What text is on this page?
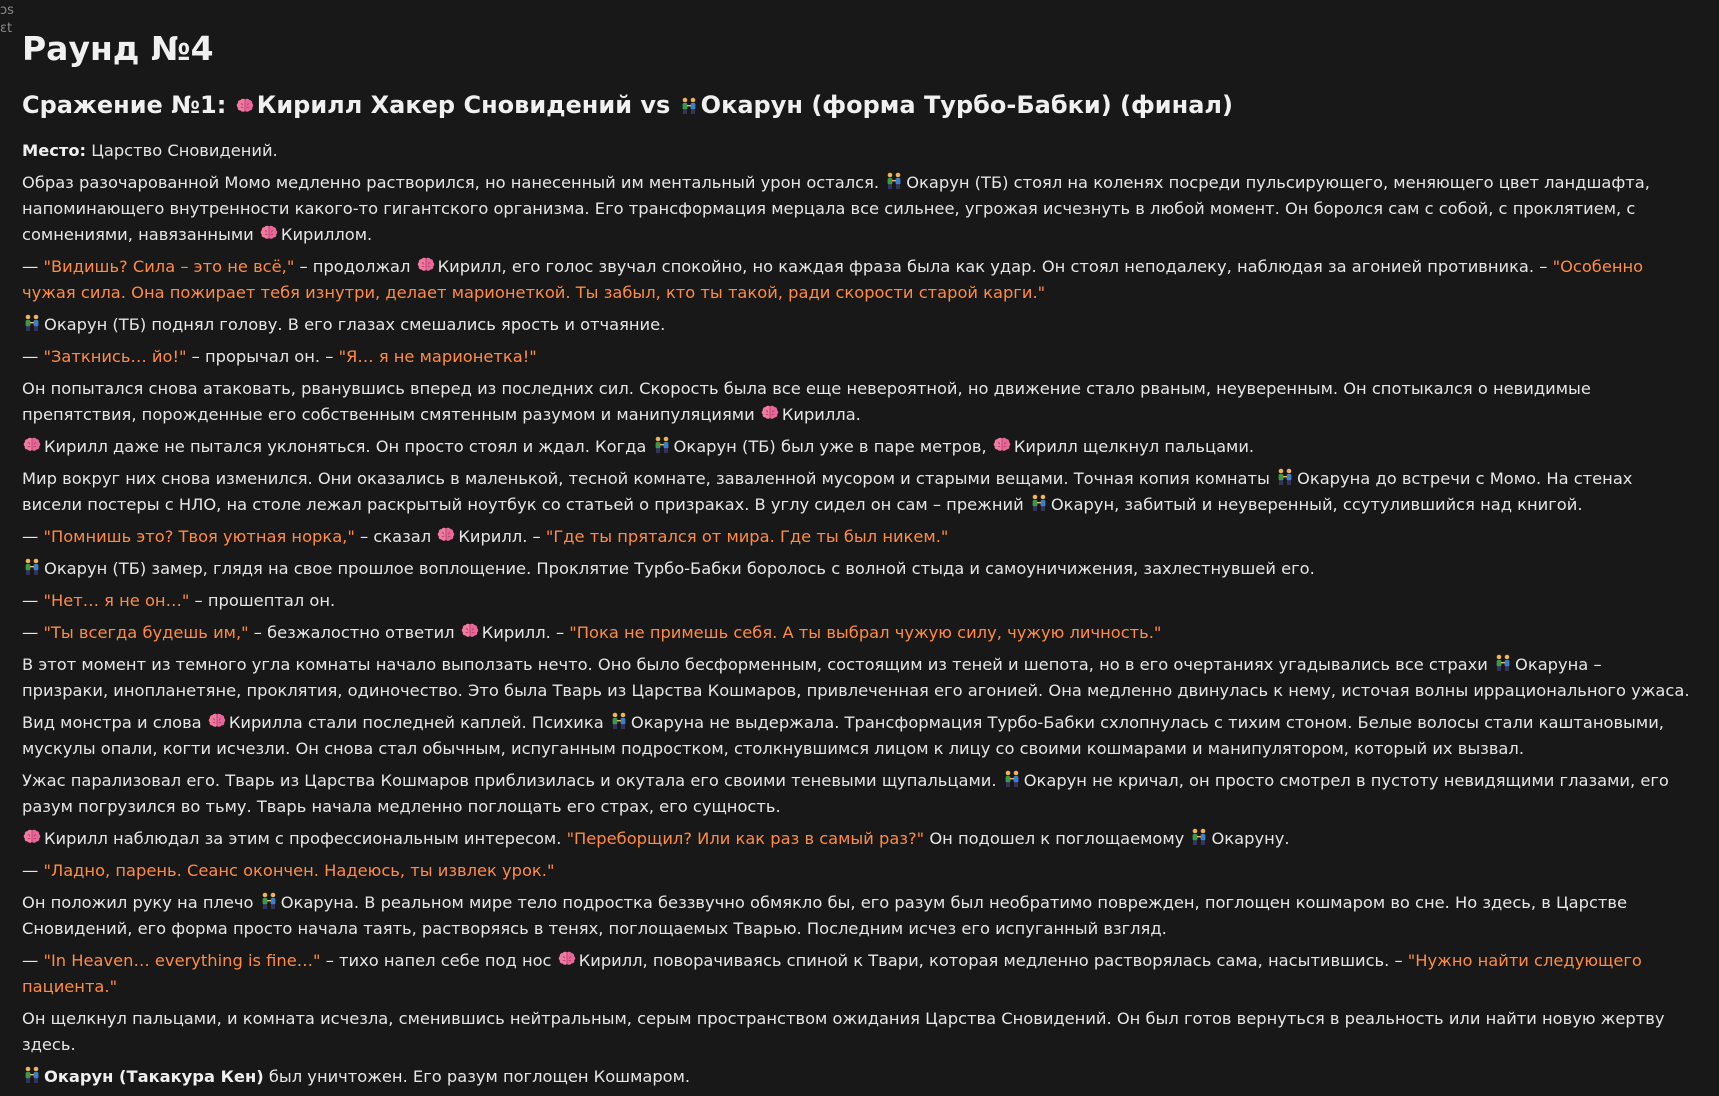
ɔs
ɛt
Раунд №4
Сражение №1:
Кирилл Хакер Сновидений vs
Окарун (форма Турбо-Бабки) (финал)

Место: Царство Сновидений.

Образ разочарованной Момо медленно растворился, но нанесенный им ментальный урон остался.
Окарун (ТБ) стоял на коленях посреди пульсирующего, меняющего цвет ландшафта, напоминающего внутренности какого-то гигантского организма. Его трансформация мерцала все сильнее, угрожая исчезнуть в любой момент. Он боролся сам с собой, с проклятием, с сомнениями, навязанными
Кириллом.

— "Видишь? Сила – это не всё," – продолжал
Кирилл, его голос звучал спокойно, но каждая фраза была как удар. Он стоял неподалеку, наблюдая за агонией противника. – "Особенно чужая сила. Она пожирает тебя изнутри, делает марионеткой. Ты забыл, кто ты такой, ради скорости старой карги."

Окарун (ТБ) поднял голову. В его глазах смешались ярость и отчаяние.

— "Заткнись… йо!" – прорычал он. – "Я… я не марионетка!"

Он попытался снова атаковать, рванувшись вперед из последних сил. Скорость была все еще невероятной, но движение стало рваным, неуверенным. Он спотыкался о невидимые препятствия, порожденные его собственным смятенным разумом и манипуляциями
Кирилла.

Кирилл даже не пытался уклоняться. Он просто стоял и ждал. Когда
Окарун (ТБ) был уже в паре метров,
Кирилл щелкнул пальцами.

Мир вокруг них снова изменился. Они оказались в маленькой, тесной комнате, заваленной мусором и старыми вещами. Точная копия комнаты
Окаруна до встречи с Момо. На стенах висели постеры с НЛО, на столе лежал раскрытый ноутбук со статьей о призраках. В углу сидел он сам – прежний
Окарун, забитый и неуверенный, ссутулившийся над книгой.

— "Помнишь это? Твоя уютная норка," – сказал
Кирилл. – "Где ты прятался от мира. Где ты был никем."

Окарун (ТБ) замер, глядя на свое прошлое воплощение. Проклятие Турбо-Бабки боролось с волной стыда и самоуничижения, захлестнувшей его.

— "Нет… я не он…" – прошептал он.

— "Ты всегда будешь им," – безжалостно ответил
Кирилл. – "Пока не примешь себя. А ты выбрал чужую силу, чужую личность."

В этот момент из темного угла комнаты начало выползать нечто. Оно было бесформенным, состоящим из теней и шепота, но в его очертаниях угадывались все страхи
Окаруна – призраки, инопланетяне, проклятия, одиночество. Это была Тварь из Царства Кошмаров, привлеченная его агонией. Она медленно двинулась к нему, источая волны иррационального ужаса.

Вид монстра и слова
Кирилла стали последней каплей. Психика
Окаруна не выдержала. Трансформация Турбо-Бабки схлопнулась с тихим стоном. Белые волосы стали каштановыми, мускулы опали, когти исчезли. Он снова стал обычным, испуганным подростком, столкнувшимся лицом к лицу со своими кошмарами и манипулятором, который их вызвал.

Ужас парализовал его. Тварь из Царства Кошмаров приблизилась и окутала его своими теневыми щупальцами.
Окарун не кричал, он просто смотрел в пустоту невидящими глазами, его разум погрузился во тьму. Тварь начала медленно поглощать его страх, его сущность.

Кирилл наблюдал за этим с профессиональным интересом. "Переборщил? Или как раз в самый раз?" Он подошел к поглощаемому
Окаруну.

— "Ладно, парень. Сеанс окончен. Надеюсь, ты извлек урок."

Он положил руку на плечо
Окаруна. В реальном мире тело подростка беззвучно обмякло бы, его разум был необратимо поврежден, поглощен кошмаром во сне. Но здесь, в Царстве Сновидений, его форма просто начала таять, растворяясь в тенях, поглощаемых Тварью. Последним исчез его испуганный взгляд.

— "In Heaven… everything is fine…" – тихо напел себе под нос
Кирилл, поворачиваясь спиной к Твари, которая медленно растворялась сама, насытившись. – "Нужно найти следующего пациента."

Он щелкнул пальцами, и комната исчезла, сменившись нейтральным, серым пространством ожидания Царства Сновидений. Он был готов вернуться в реальность или найти новую жертву здесь.

Окарун (Такакура Кен) был уничтожен. Его разум поглощен Кошмаром.
